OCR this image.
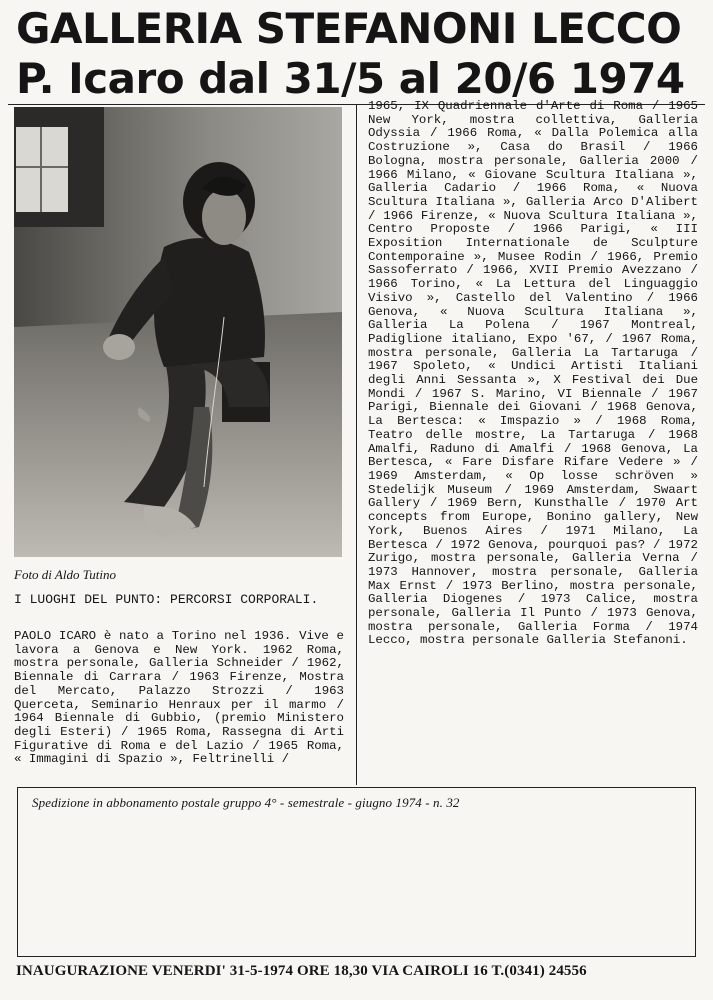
GALLERIA STEFANONI LECCO
P. Icaro dal 31/5 al 20/6 1974
Foto di Aldo Tutino
I LUOGHI DEL PUNTO: PERCORSI CORPORALI.
PAOLO ICARO è nato a Torino nel 1936. Vive e lavora a Genova e New York. 1962 Roma, mostra personale, Galleria Schneider / 1962, Biennale di Carrara / 1963 Firenze, Mostra del Mercato, Palazzo Strozzi / 1963 Querceta, Seminario Henraux per il marmo / 1964 Biennale di Gubbio, (premio Ministero degli Esteri) / 1965 Roma, Rassegna di Arti Figurative di Roma e del Lazio / 1965 Roma, « Immagini di Spazio », Feltrinelli /
1965, IX Quadriennale d'Arte di Roma / 1965 New York, mostra collettiva, Galleria Odyssia / 1966 Roma, « Dalla Polemica alla Costruzione », Casa do Brasil / 1966 Bologna, mostra personale, Galleria 2000 / 1966 Milano, « Giovane Scultura Italiana », Galleria Cadario / 1966 Roma, « Nuova Scultura Italiana », Galleria Arco D'Alibert / 1966 Firenze, « Nuova Scultura Italiana », Centro Proposte / 1966 Parigi, « III Exposition Internationale de Sculpture Contemporaine », Musee Rodin / 1966, Premio Sassoferrato / 1966, XVII Premio Avezzano / 1966 Torino, « La Lettura del Linguaggio Visivo », Castello del Valentino / 1966 Genova, « Nuova Scultura Italiana », Galleria La Polena / 1967 Montreal, Padiglione italiano, Expo '67, / 1967 Roma, mostra personale, Galleria La Tartaruga / 1967 Spoleto, « Undici Artisti Italiani degli Anni Sessanta », X Festival dei Due Mondi / 1967 S. Marino, VI Biennale / 1967 Parigi, Biennale dei Giovani / 1968 Genova, La Bertesca: « Imspazio » / 1968 Roma, Teatro delle mostre, La Tartaruga / 1968 Amalfi, Raduno di Amalfi / 1968 Genova, La Bertesca, « Fare Disfare Rifare Vedere » / 1969 Amsterdam, « Op losse schröven » Stedelijk Museum / 1969 Amsterdam, Swaart Gallery / 1969 Bern, Kunsthalle / 1970 Art concepts from Europe, Bonino gallery, New York, Buenos Aires / 1971 Milano, La Bertesca / 1972 Genova, pourquoi pas? / 1972 Zurigo, mostra personale, Galleria Verna / 1973 Hannover, mostra personale, Galleria Max Ernst / 1973 Berlino, mostra personale, Galleria Diogenes / 1973 Calice, mostra personale, Galleria Il Punto / 1973 Genova, mostra personale, Galleria Forma / 1974 Lecco, mostra personale Galleria Stefanoni.
Spedizione in abbonamento postale gruppo 4° - semestrale - giugno 1974 - n. 32
INAUGURAZIONE VENERDI' 31-5-1974 ORE 18,30 VIA CAIROLI 16 T.(0341) 24556
